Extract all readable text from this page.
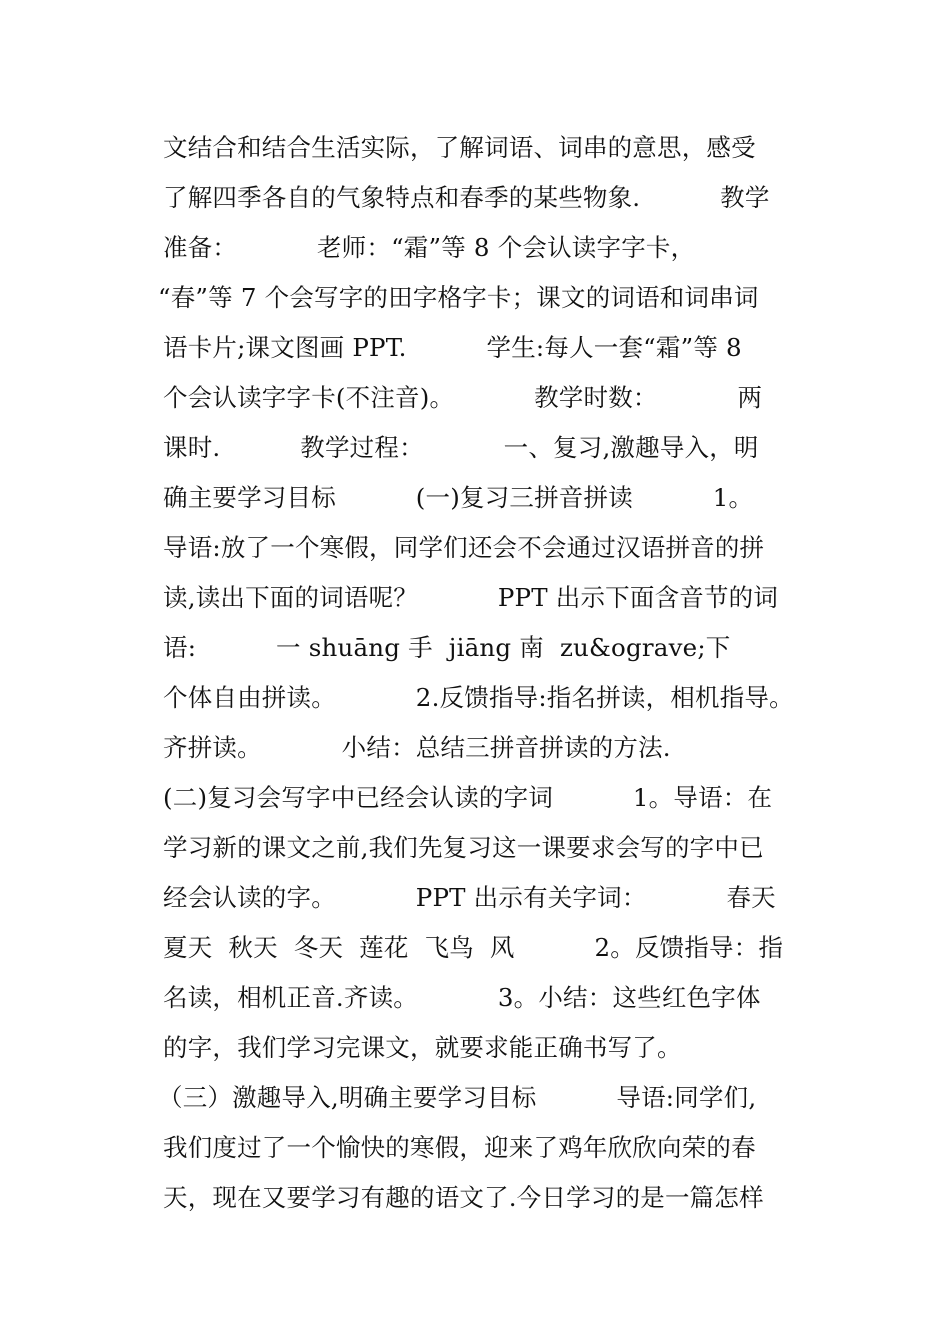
文结合和结合生活实际，了解词语、词串的意思，感受
了解四季各自的气象特点和春季的某些物象.          教学
准备：          老师：“霜”等 8 个会认读字字卡，
“春”等 7 个会写字的田字格字卡；课文的词语和词串词
语卡片;课文图画 PPT.          学生:每人一套“霜”等 8
个会认读字字卡(不注音)。          教学时数：          两
课时.          教学过程：          一、复习,激趣导入，明
确主要学习目标          (一)复习三拼音拼读          1。
导语:放了一个寒假，同学们还会不会通过汉语拼音的拼
读,读出下面的词语呢？          PPT 出示下面含音节的词
语:          一 shuāng 手  jiāng 南  zu&ograve;下
个体自由拼读。          2.反馈指导:指名拼读，相机指导。
齐拼读。          小结：总结三拼音拼读的方法.
(二)复习会写字中已经会认读的字词          1。导语：在
学习新的课文之前,我们先复习这一课要求会写的字中已
经会认读的字。          PPT 出示有关字词：          春天
夏天  秋天  冬天  莲花  飞鸟  风          2。反馈指导：指
名读，相机正音.齐读。          3。小结：这些红色字体
的字，我们学习完课文，就要求能正确书写了。
（三）激趣导入,明确主要学习目标          导语:同学们,
我们度过了一个愉快的寒假，迎来了鸡年欣欣向荣的春
天，现在又要学习有趣的语文了.今日学习的是一篇怎样
